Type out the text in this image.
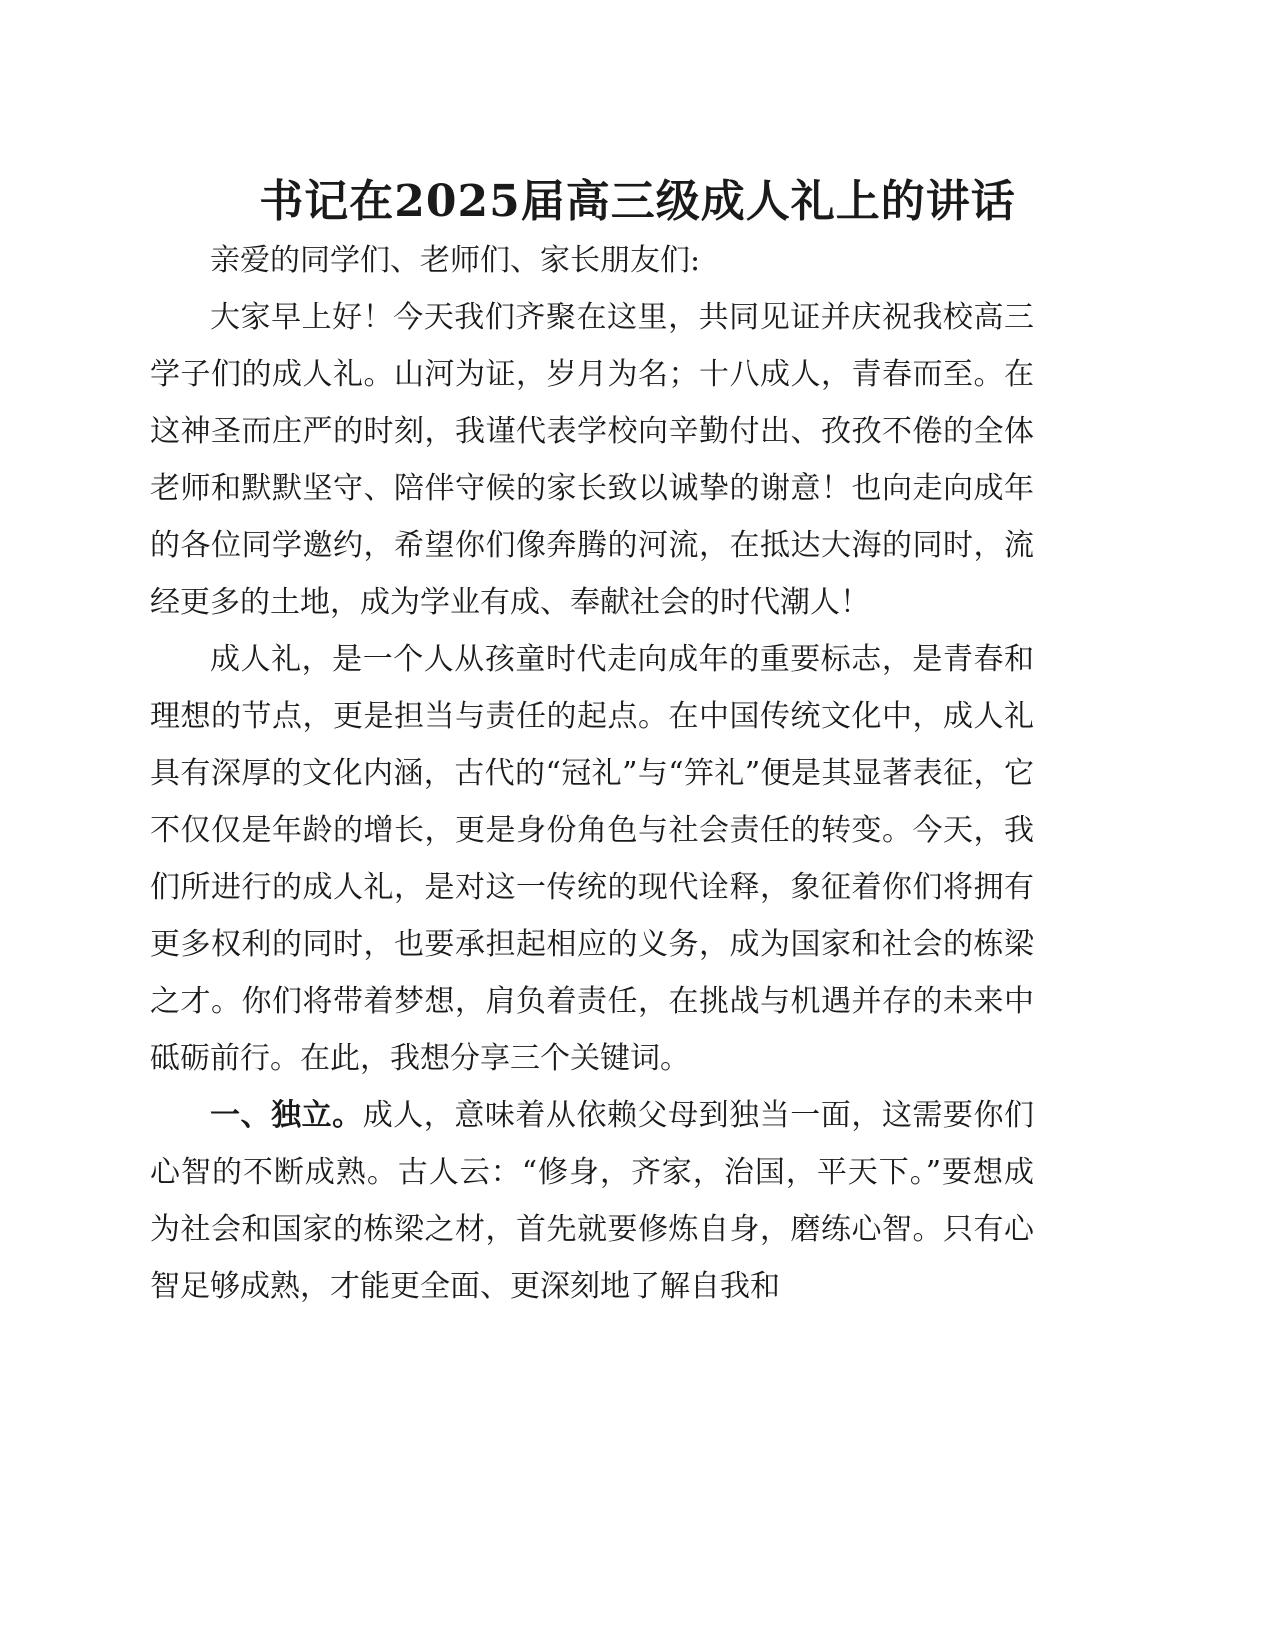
书记在2025届高三级成人礼上的讲话

亲爱的同学们、老师们、家长朋友们:

大家早上好！今天我们齐聚在这里，共同见证并庆祝我校高三学子们的成人礼。山河为证，岁月为名；十八成人，青春而至。在这神圣而庄严的时刻，我谨代表学校向辛勤付出、孜孜不倦的全体老师和默默坚守、陪伴守候的家长致以诚挚的谢意！也向走向成年的各位同学邀约，希望你们像奔腾的河流，在抵达大海的同时，流经更多的土地，成为学业有成、奉献社会的时代潮人！

成人礼，是一个人从孩童时代走向成年的重要标志，是青春和理想的节点，更是担当与责任的起点。在中国传统文化中，成人礼具有深厚的文化内涵，古代的“冠礼”与“笄礼”便是其显著表征，它不仅仅是年龄的增长，更是身份角色与社会责任的转变。今天，我们所进行的成人礼，是对这一传统的现代诠释，象征着你们将拥有更多权利的同时，也要承担起相应的义务，成为国家和社会的栋梁之才。你们将带着梦想，肩负着责任，在挑战与机遇并存的未来中砥砺前行。在此，我想分享三个关键词。

一、独立。成人，意味着从依赖父母到独当一面，这需要你们心智的不断成熟。古人云：“修身，齐家，治国，平天下。”要想成为社会和国家的栋梁之材，首先就要修炼自身，磨练心智。只有心智足够成熟，才能更全面、更深刻地了解自我和
